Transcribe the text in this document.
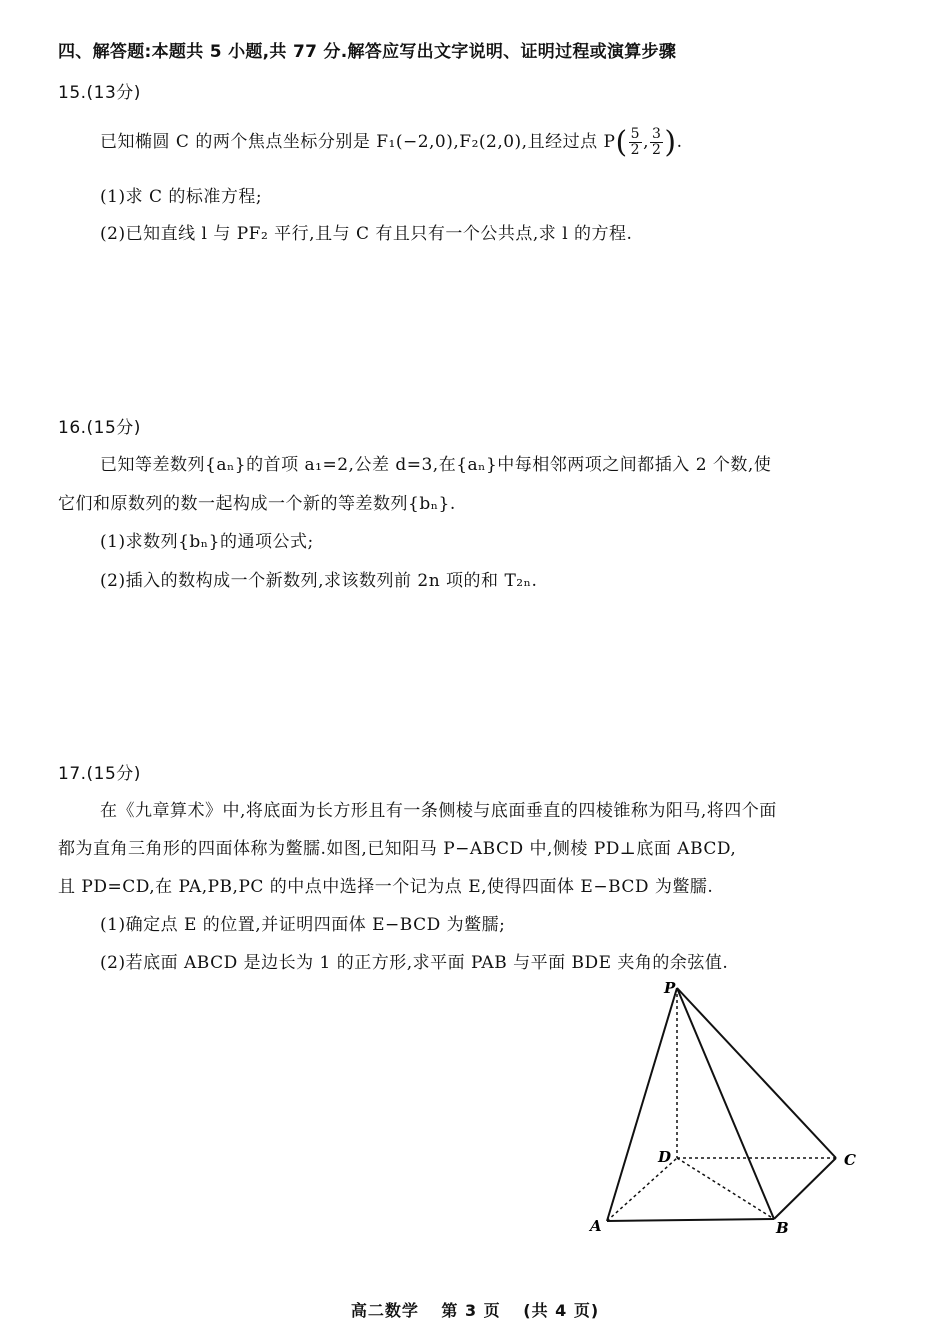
四、解答题:本题共 5 小题,共 77 分.解答应写出文字说明、证明过程或演算步骤
15.(13分)
已知椭圆 C 的两个焦点坐标分别是 F₁(−2,0),F₂(2,0),且经过点 $P( \frac{5}{2}$ , $\frac{3}{2}$ ).
(1)求 C 的标准方程;
(2)已知直线 l 与 PF₂ 平行,且与 C 有且只有一个公共点,求 l 的方程.
16.(15分)
已知等差数列{aₙ}的首项 a₁=2,公差 d=3,在{aₙ}中每相邻两项之间都插入 2 个数,使
它们和原数列的数一起构成一个新的等差数列{bₙ}.
(1)求数列{bₙ}的通项公式;
(2)插入的数构成一个新数列,求该数列前 2n 项的和 T₂ₙ.
17.(15分)
在《九章算术》中,将底面为长方形且有一条侧棱与底面垂直的四棱锥称为阳马,将四个面
都为直角三角形的四面体称为鳖臑.如图,已知阳马 P−ABCD 中,侧棱 PD⊥底面 ABCD,
且 PD=CD,在 PA,PB,PC 的中点中选择一个记为点 E,使得四面体 E−BCD 为鳖臑.
(1)确定点 E 的位置,并证明四面体 E−BCD 为鳖臑;
(2)若底面 ABCD 是边长为 1 的正方形,求平面 PAB 与平面 BDE 夹角的余弦值.
P
D	C
A	B
高二数学 第 3 页 (共 4 页)
